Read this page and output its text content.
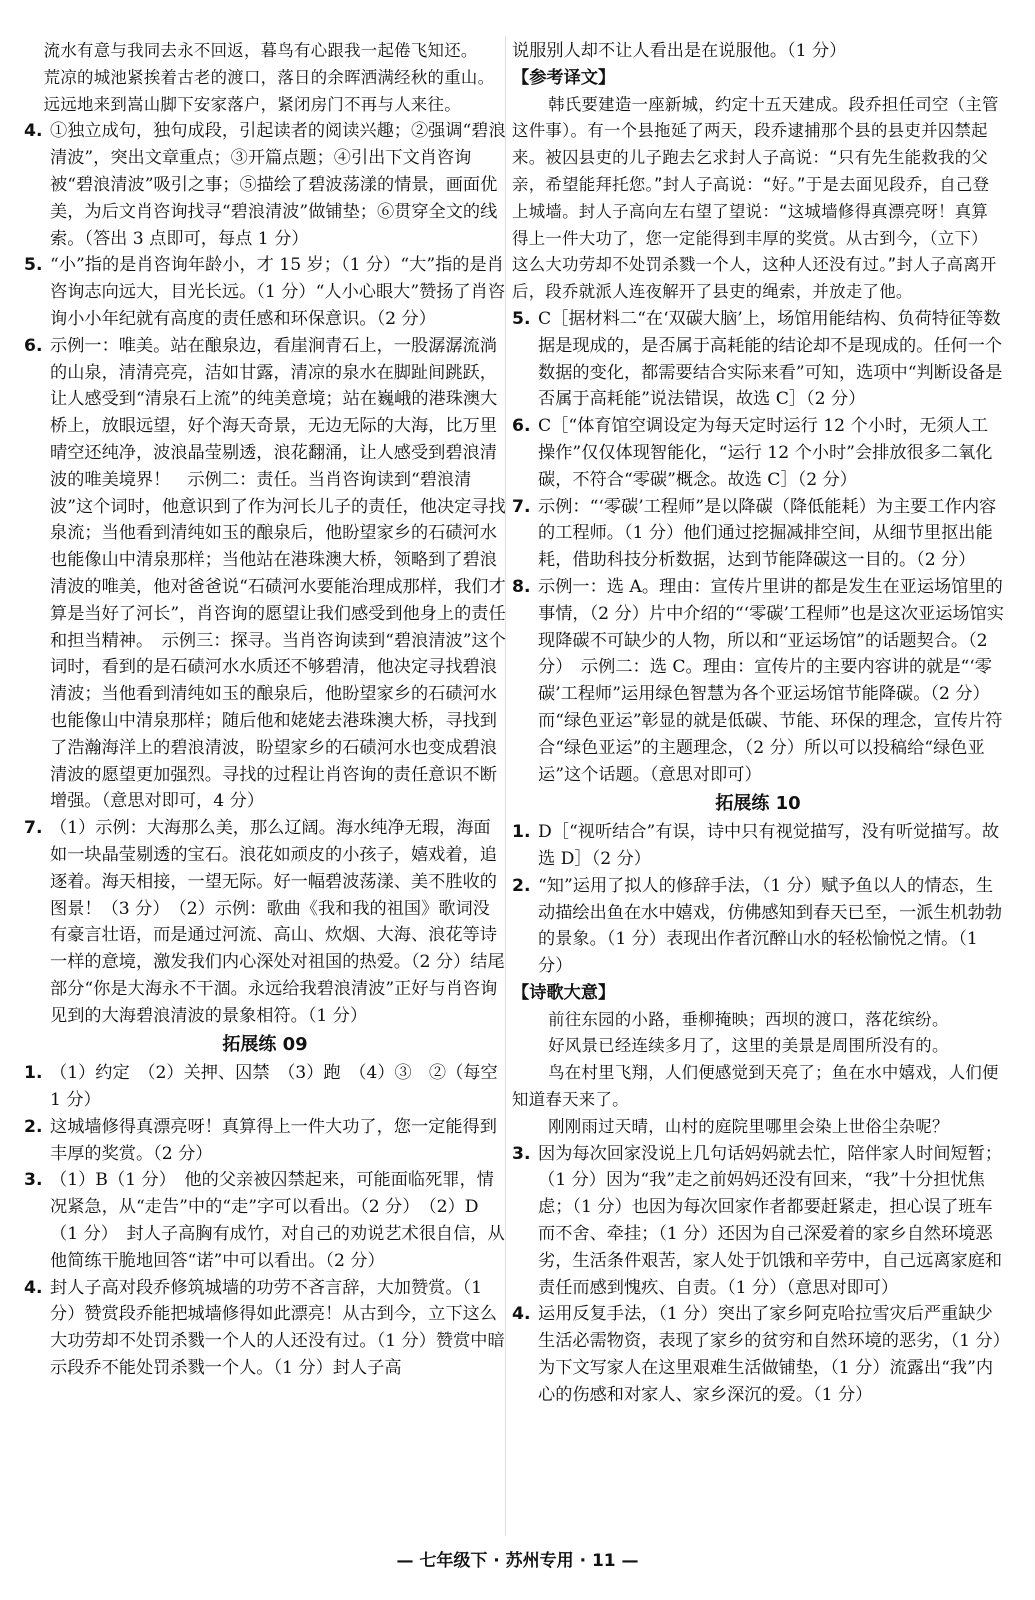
流水有意与我同去永不回返，暮鸟有心跟我一起倦飞知还。

荒凉的城池紧挨着古老的渡口，落日的余晖洒满经秋的重山。

远远地来到嵩山脚下安家落户，紧闭房门不再与人来往。

4. ①独立成句，独句成段，引起读者的阅读兴趣；②强调“碧浪清波”，突出文章重点；③开篇点题；④引出下文肖咨询被“碧浪清波”吸引之事；⑤描绘了碧波荡漾的情景，画面优美，为后文肖咨询找寻“碧浪清波”做铺垫；⑥贯穿全文的线索。（答出 3 点即可，每点 1 分）
5. “小”指的是肖咨询年龄小，才 15 岁；（1 分）“大”指的是肖咨询志向远大，目光长远。（1 分）“人小心眼大”赞扬了肖咨询小小年纪就有高度的责任感和环保意识。（2 分）
6. 示例一：唯美。站在酿泉边，看崖涧青石上，一股潺潺流淌的山泉，清清亮亮，洁如甘露，清凉的泉水在脚趾间跳跃，让人感受到“清泉石上流”的纯美意境；站在巍峨的港珠澳大桥上，放眼远望，好个海天奇景，无边无际的大海，比万里晴空还纯净，波浪晶莹剔透，浪花翻涌，让人感受到碧浪清波的唯美境界！　示例二：责任。当肖咨询读到“碧浪清波”这个词时，他意识到了作为河长儿子的责任，他决定寻找泉流；当他看到清纯如玉的酿泉后，他盼望家乡的石碛河水也能像山中清泉那样；当他站在港珠澳大桥，领略到了碧浪清波的唯美，他对爸爸说“石碛河水要能治理成那样，我们才算是当好了河长”，肖咨询的愿望让我们感受到他身上的责任和担当精神。　示例三：探寻。当肖咨询读到“碧浪清波”这个词时，看到的是石碛河水水质还不够碧清，他决定寻找碧浪清波；当他看到清纯如玉的酿泉后，他盼望家乡的石碛河水也能像山中清泉那样；随后他和姥姥去港珠澳大桥，寻找到了浩瀚海洋上的碧浪清波，盼望家乡的石碛河水也变成碧浪清波的愿望更加强烈。寻找的过程让肖咨询的责任意识不断增强。（意思对即可，4 分）
7. （1）示例：大海那么美，那么辽阔。海水纯净无瑕，海面如一块晶莹剔透的宝石。浪花如顽皮的小孩子，嬉戏着，追逐着。海天相接，一望无际。好一幅碧波荡漾、美不胜收的图景！（3 分）　（2）示例：歌曲《我和我的祖国》歌词没有豪言壮语，而是通过河流、高山、炊烟、大海、浪花等诗一样的意境，激发我们内心深处对祖国的热爱。（2 分）结尾部分“你是大海永不干涸。永远给我碧浪清波”正好与肖咨询见到的大海碧浪清波的景象相符。（1 分）
拓展练 09
1. （1）约定　（2）关押、囚禁　（3）跑　（4）③　②（每空 1 分）
2. 这城墙修得真漂亮呀！真算得上一件大功了，您一定能得到丰厚的奖赏。（2 分）
3. （1）B（1 分）　他的父亲被囚禁起来，可能面临死罪，情况紧急，从“走告”中的“走”字可以看出。（2 分）　（2）D（1 分）　封人子高胸有成竹，对自己的劝说艺术很自信，从他简练干脆地回答“诺”中可以看出。（2 分）
4. 封人子高对段乔修筑城墙的功劳不吝言辞，大加赞赏。（1 分）赞赏段乔能把城墙修得如此漂亮！从古到今，立下这么大功劳却不处罚杀戮一个人的人还没有过。（1 分）赞赏中暗示段乔不能处罚杀戮一个人。（1 分）封人子高

说服别人却不让人看出是在说服他。（1 分）

【参考译文】

韩氏要建造一座新城，约定十五天建成。段乔担任司空（主管这件事）。有一个县拖延了两天，段乔逮捕那个县的县吏并囚禁起来。被囚县吏的儿子跑去乞求封人子高说：“只有先生能救我的父亲，希望能拜托您。”封人子高说：“好。”于是去面见段乔，自己登上城墙。封人子高向左右望了望说：“这城墙修得真漂亮呀！真算得上一件大功了，您一定能得到丰厚的奖赏。从古到今，（立下）这么大功劳却不处罚杀戮一个人，这种人还没有过。”封人子高离开后，段乔就派人连夜解开了县吏的绳索，并放走了他。

5. C［据材料二“在‘双碳大脑’上，场馆用能结构、负荷特征等数据是现成的，是否属于高耗能的结论却不是现成的。任何一个数据的变化，都需要结合实际来看”可知，选项中“判断设备是否属于高耗能”说法错误，故选 C］（2 分）
6. C［“体育馆空调设定为每天定时运行 12 个小时，无须人工操作”仅仅体现智能化，“运行 12 个小时”会排放很多二氧化碳，不符合“零碳”概念。故选 C］（2 分）
7. 示例：“‘零碳’工程师”是以降碳（降低能耗）为主要工作内容的工程师。（1 分）他们通过挖掘减排空间，从细节里抠出能耗，借助科技分析数据，达到节能降碳这一目的。（2 分）
8. 示例一：选 A。理由：宣传片里讲的都是发生在亚运场馆里的事情，（2 分）片中介绍的“‘零碳’工程师”也是这次亚运场馆实现降碳不可缺少的人物，所以和“亚运场馆”的话题契合。（2 分）　示例二：选 C。理由：宣传片的主要内容讲的就是“‘零碳’工程师”运用绿色智慧为各个亚运场馆节能降碳。（2 分）而“绿色亚运”彰显的就是低碳、节能、环保的理念，宣传片符合“绿色亚运”的主题理念，（2 分）所以可以投稿给“绿色亚运”这个话题。（意思对即可）
拓展练 10
1. D［“视听结合”有误，诗中只有视觉描写，没有听觉描写。故选 D］（2 分）
2. “知”运用了拟人的修辞手法，（1 分）赋予鱼以人的情态，生动描绘出鱼在水中嬉戏，仿佛感知到春天已至，一派生机勃勃的景象。（1 分）表现出作者沉醉山水的轻松愉悦之情。（1 分）

【诗歌大意】

前往东园的小路，垂柳掩映；西坝的渡口，落花缤纷。

好风景已经连续多月了，这里的美景是周围所没有的。

鸟在村里飞翔，人们便感觉到天亮了；鱼在水中嬉戏，人们便知道春天来了。

刚刚雨过天晴，山村的庭院里哪里会染上世俗尘杂呢？

3. 因为每次回家没说上几句话妈妈就去忙，陪伴家人时间短暂；（1 分）因为“我”走之前妈妈还没有回来，“我”十分担忧焦虑；（1 分）也因为每次回家作者都要赶紧走，担心误了班车而不舍、牵挂；（1 分）还因为自己深爱着的家乡自然环境恶劣，生活条件艰苦，家人处于饥饿和辛劳中，自己远离家庭和责任而感到愧疚、自责。（1 分）（意思对即可）
4. 运用反复手法，（1 分）突出了家乡阿克哈拉雪灾后严重缺少生活必需物资，表现了家乡的贫穷和自然环境的恶劣，（1 分）为下文写家人在这里艰难生活做铺垫，（1 分）流露出“我”内心的伤感和对家人、家乡深沉的爱。（1 分）
— 七年级下 · 苏州专用 · 11 —
